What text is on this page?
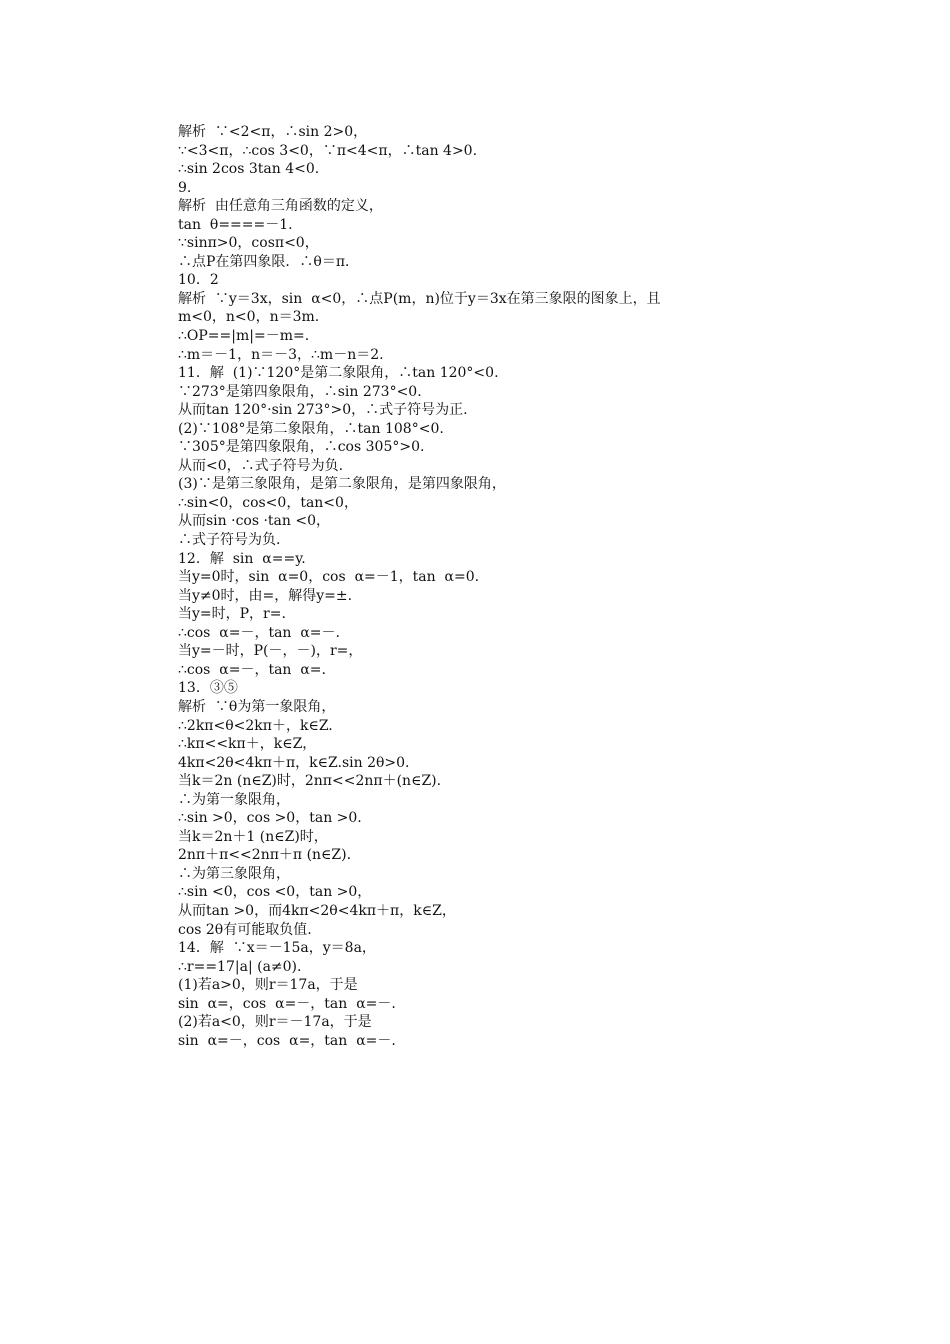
解析  ∵<2<π，∴sin 2>0，
∵<3<π，∴cos 3<0，∵π<4<π，∴tan 4>0.
∴sin 2cos 3tan 4<0.
9.
解析  由任意角三角函数的定义，
tan  θ====－1.
∵sinπ>0，cosπ<0，
∴点P在第四象限．∴θ＝π．
10．2
解析  ∵y＝3x，sin  α<0，∴点P(m，n)位于y＝3x在第三象限的图象上，且
m<0，n<0，n＝3m.
∴OP==|m|=－m=.
∴m＝－1，n＝－3，∴m－n＝2.
11．解  (1)∵120°是第二象限角，∴tan 120°<0.
∵273°是第四象限角，∴sin 273°<0.
从而tan 120°·sin 273°>0，∴式子符号为正.
(2)∵108°是第二象限角，∴tan 108°<0.
∵305°是第四象限角，∴cos 305°>0.
从而<0，∴式子符号为负.
(3)∵是第三象限角，是第二象限角，是第四象限角，
∴sin<0，cos<0，tan<0，
从而sin ·cos ·tan <0，
∴式子符号为负.
12．解  sin  α==y.
当y=0时，sin  α=0，cos  α=－1，tan  α=0.
当y≠0时，由=，解得y=±.
当y=时，P，r=.
∴cos  α=－，tan  α=－.
当y=－时，P(－，－)，r=，
∴cos  α=－，tan  α=.
13．③⑤
解析  ∵θ为第一象限角，
∴2kπ<θ<2kπ＋，k∈Z.
∴kπ<<kπ＋，k∈Z，
4kπ<2θ<4kπ＋π，k∈Z.sin 2θ>0.
当k＝2n (n∈Z)时，2nπ<<2nπ＋(n∈Z).
∴为第一象限角，
∴sin >0，cos >0，tan >0.
当k＝2n＋1 (n∈Z)时，
2nπ＋π<<2nπ＋π (n∈Z).
∴为第三象限角，
∴sin <0，cos <0，tan >0，
从而tan >0，而4kπ<2θ<4kπ＋π，k∈Z，
cos 2θ有可能取负值.
14．解  ∵x＝－15a，y＝8a，
∴r==17|a| (a≠0).
(1)若a>0，则r＝17a，于是
sin  α=，cos  α=－，tan  α=－.
(2)若a<0，则r＝－17a，于是
sin  α=－，cos  α=，tan  α=－.
